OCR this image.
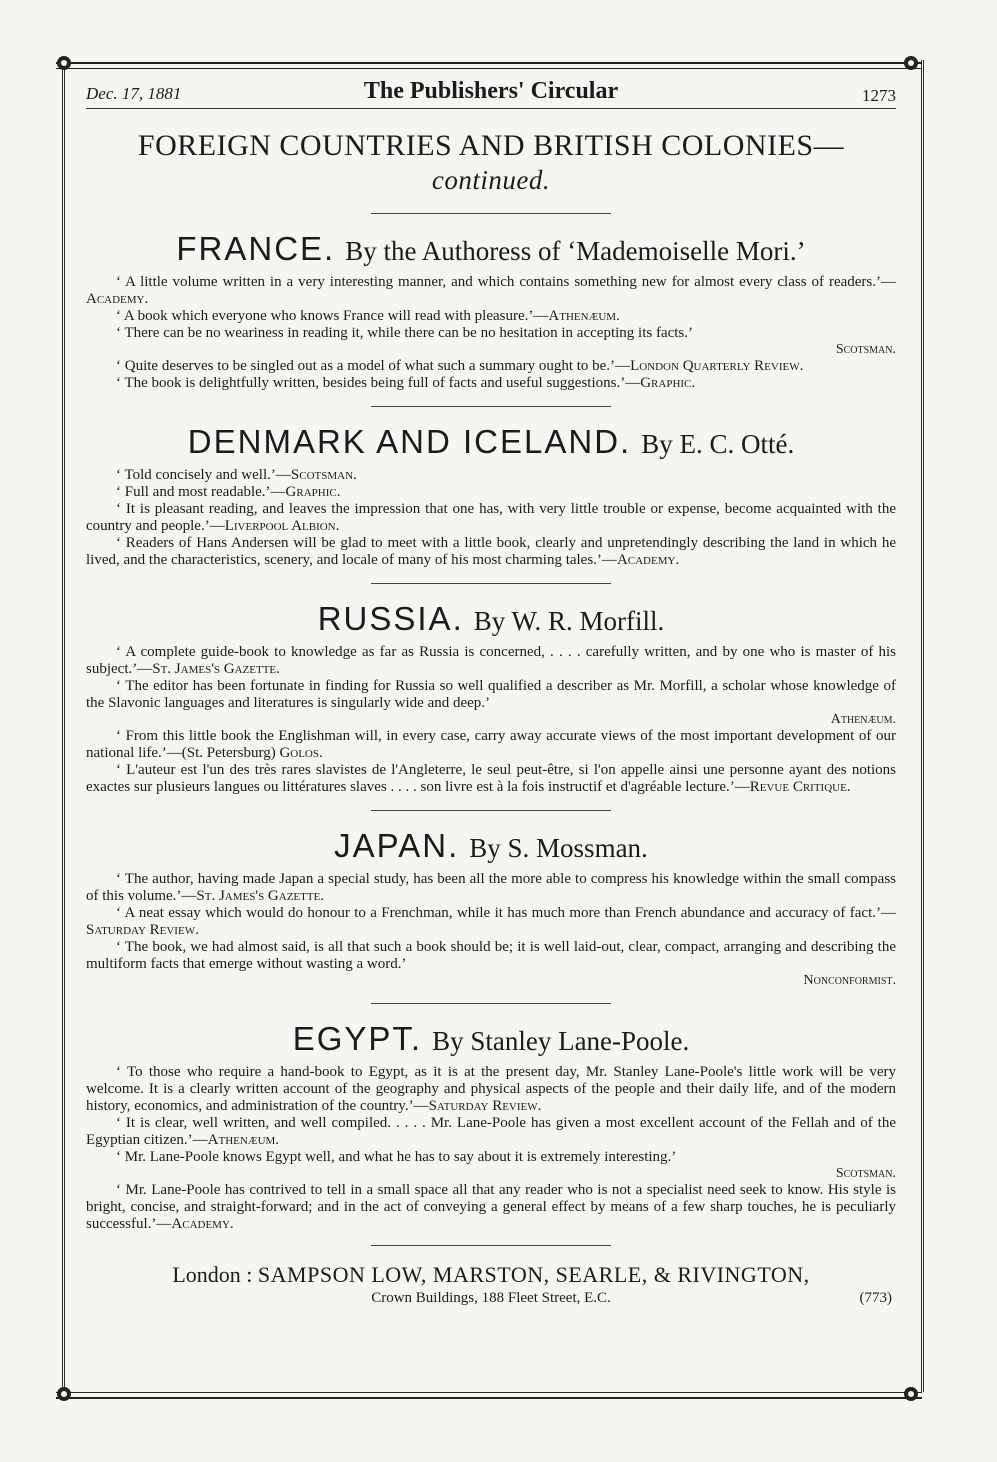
Dec. 17, 1881	The Publishers' Circular	1273
FOREIGN COUNTRIES AND BRITISH COLONIES—continued.
FRANCE. By the Authoress of ‘Mademoiselle Mori.’

‘ A little volume written in a very interesting manner, and which contains something new for almost every class of readers.’—Academy.

‘ A book which everyone who knows France will read with pleasure.’—Athenæum.

‘ There can be no weariness in reading it, while there can be no hesitation in accepting its facts.’

Scotsman.

‘ Quite deserves to be singled out as a model of what such a summary ought to be.’—London Quarterly Review.

‘ The book is delightfully written, besides being full of facts and useful suggestions.’—Graphic.

DENMARK AND ICELAND. By E. C. Otté.

‘ Told concisely and well.’—Scotsman.

‘ Full and most readable.’—Graphic.

‘ It is pleasant reading, and leaves the impression that one has, with very little trouble or expense, become acquainted with the country and people.’—Liverpool Albion.

‘ Readers of Hans Andersen will be glad to meet with a little book, clearly and unpretendingly describing the land in which he lived, and the characteristics, scenery, and locale of many of his most charming tales.’—Academy.

RUSSIA. By W. R. Morfill.

‘ A complete guide-book to knowledge as far as Russia is concerned, . . . . carefully written, and by one who is master of his subject.’—St. James's Gazette.

‘ The editor has been fortunate in finding for Russia so well qualified a describer as Mr. Morfill, a scholar whose knowledge of the Slavonic languages and literatures is singularly wide and deep.’

Athenæum.

‘ From this little book the Englishman will, in every case, carry away accurate views of the most important development of our national life.’—(St. Petersburg) Golos.

‘ L'auteur est l'un des très rares slavistes de l'Angleterre, le seul peut-être, si l'on appelle ainsi une personne ayant des notions exactes sur plusieurs langues ou littératures slaves . . . . son livre est à la fois instructif et d'agréable lecture.’—Revue Critique.

JAPAN. By S. Mossman.

‘ The author, having made Japan a special study, has been all the more able to compress his knowledge within the small compass of this volume.’—St. James's Gazette.

‘ A neat essay which would do honour to a Frenchman, while it has much more than French abundance and accuracy of fact.’— Saturday Review.

‘ The book, we had almost said, is all that such a book should be; it is well laid-out, clear, compact, arranging and describing the multiform facts that emerge without wasting a word.’

Nonconformist.

EGYPT. By Stanley Lane-Poole.

‘ To those who require a hand-book to Egypt, as it is at the present day, Mr. Stanley Lane-Poole's little work will be very welcome. It is a clearly written account of the geography and physical aspects of the people and their daily life, and of the modern history, economics, and administration of the country.’—Saturday Review.

‘ It is clear, well written, and well compiled. . . . . Mr. Lane-Poole has given a most excellent account of the Fellah and of the Egyptian citizen.’—Athenæum.

‘ Mr. Lane-Poole knows Egypt well, and what he has to say about it is extremely interesting.’

Scotsman.

‘ Mr. Lane-Poole has contrived to tell in a small space all that any reader who is not a specialist need seek to know. His style is bright, concise, and straight-forward; and in the act of conveying a general effect by means of a few sharp touches, he is peculiarly successful.’—Academy.

London : SAMPSON LOW, MARSTON, SEARLE, & RIVINGTON,
Crown Buildings, 188 Fleet Street, E.C.	(773)
